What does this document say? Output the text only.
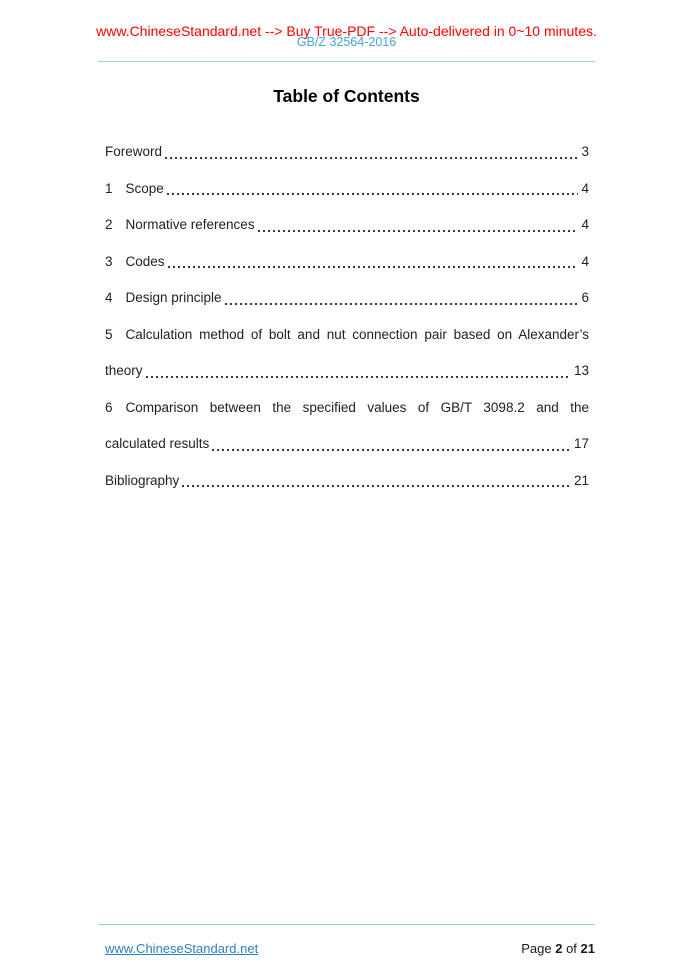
www.ChineseStandard.net --> Buy True-PDF --> Auto-delivered in 0~10 minutes.
GB/Z 32564-2016
Table of Contents
Foreword	3
1 Scope	4
2 Normative references	4
3 Codes	4
4 Design principle	6
5 Calculation method of bolt and nut connection pair based on Alexander’s
theory	13
6 Comparison between the specified values of GB/T 3098.2 and the
calculated results	17
Bibliography	21
www.ChineseStandard.net	Page 2 of 21
